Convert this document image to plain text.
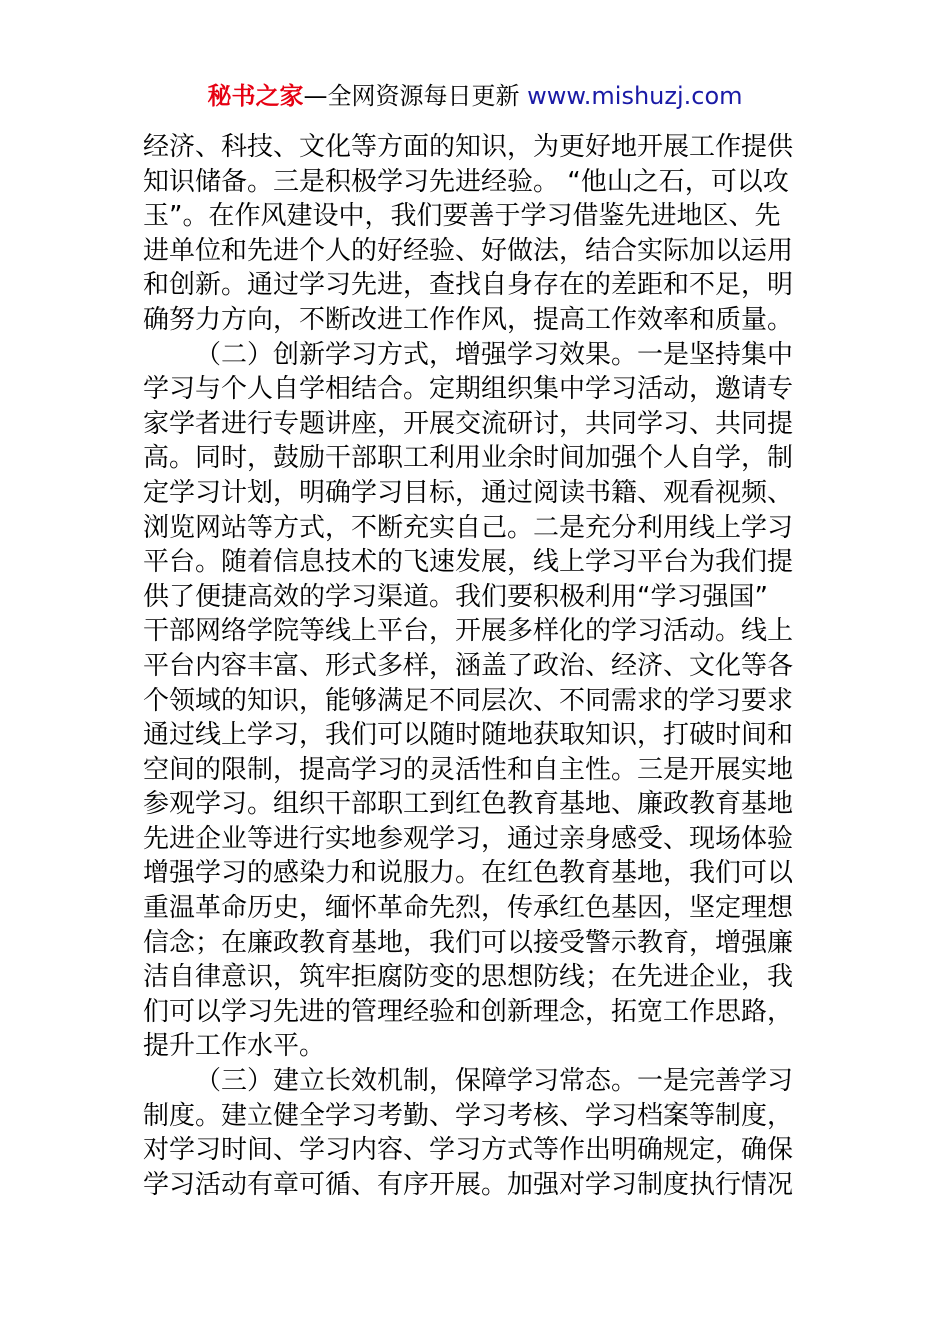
秘书之家—全网资源每日更新 www.mishuzj.com
经济、科技、文化等方面的知识，为更好地开展工作提供
知识储备。三是积极学习先进经验。 “他山之石，可以攻
玉”。在作风建设中，我们要善于学习借鉴先进地区、先
进单位和先进个人的好经验、好做法，结合实际加以运用
和创新。通过学习先进，查找自身存在的差距和不足，明
确努力方向，不断改进工作作风，提高工作效率和质量。
（二）创新学习方式，增强学习效果。一是坚持集中
学习与个人自学相结合。定期组织集中学习活动，邀请专
家学者进行专题讲座，开展交流研讨，共同学习、共同提
高。同时，鼓励干部职工利用业余时间加强个人自学，制
定学习计划，明确学习目标，通过阅读书籍、观看视频、
浏览网站等方式，不断充实自己。二是充分利用线上学习
平台。随着信息技术的飞速发展，线上学习平台为我们提
供了便捷高效的学习渠道。我们要积极利用“学习强国”
干部网络学院等线上平台，开展多样化的学习活动。线上
平台内容丰富、形式多样，涵盖了政治、经济、文化等各
个领域的知识，能够满足不同层次、不同需求的学习要求
通过线上学习，我们可以随时随地获取知识，打破时间和
空间的限制，提高学习的灵活性和自主性。三是开展实地
参观学习。组织干部职工到红色教育基地、廉政教育基地
先进企业等进行实地参观学习，通过亲身感受、现场体验
增强学习的感染力和说服力。在红色教育基地，我们可以
重温革命历史，缅怀革命先烈，传承红色基因，坚定理想
信念；在廉政教育基地，我们可以接受警示教育，增强廉
洁自律意识，筑牢拒腐防变的思想防线；在先进企业，我
们可以学习先进的管理经验和创新理念，拓宽工作思路，
提升工作水平。
（三）建立长效机制，保障学习常态。一是完善学习
制度。建立健全学习考勤、学习考核、学习档案等制度，
对学习时间、学习内容、学习方式等作出明确规定，确保
学习活动有章可循、有序开展。加强对学习制度执行情况
